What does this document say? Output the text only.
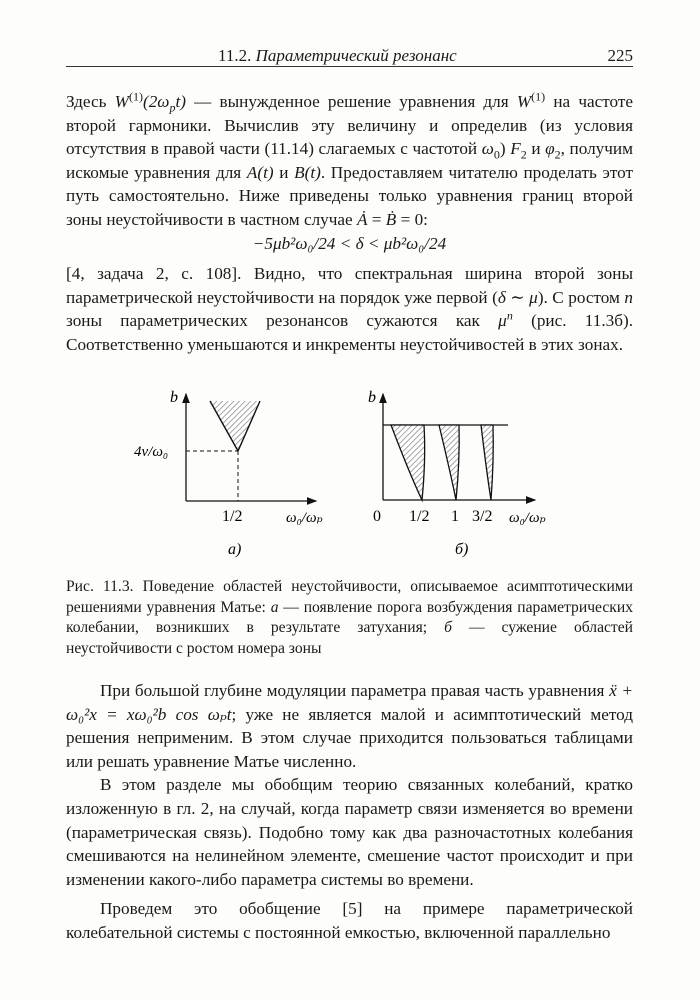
11.2. Параметрический резонанс	225

Здесь $W^{(1)}(2\omega_pt)$ — вынужденное решение уравнения для $W^{(1)}$ на частоте второй гармоники. Вычислив эту величину и определив (из условия отсутствия в правой части (11.14) слагаемых с частотой $\omega_0$) $F_2$ и $\varphi_2$, получим искомые уравнения для A(t) и B(t). Предоставляем читателю проделать этот путь самостоятельно. Ниже приведены только уравнения границ второй зоны неустойчивости в частном случае Ȧ = Ḃ = 0:

−5μb²ω₀/24 < δ < μb²ω₀/24

[4, задача 2, с. 108]. Видно, что спектральная ширина второй зоны параметрической неустойчивости на порядок уже первой (δ ∼ μ). С ростом n зоны параметрических резонансов сужаются как $\mu^n$ (рис. 11.3б). Соответственно уменьшаются и инкременты неустойчивостей в этих зонах.

b
4ν/ω₀
1/2	ω₀/ωₚ
а)
b
0 1/2 1 3/2 ω₀/ωₚ
б)
Рис. 11.3. Поведение областей неустойчивости, описываемое асимптотическими решениями уравнения Матье: а — появление порога возбуждения параметрических колебании, возникших в результате затухания; б — сужение областей неустойчивости с ростом номера зоны

При большой глубине модуляции параметра правая часть уравнения ẍ + ω₀²x = xω₀²b cos ωₚt; уже не является малой и асимптотический метод решения неприменим. В этом случае приходится пользоваться таблицами или решать уравнение Матье численно.

В этом разделе мы обобщим теорию связанных колебаний, кратко изложенную в гл. 2, на случай, когда параметр связи изменяется во времени (параметрическая связь). Подобно тому как два разночастотных колебания смешиваются на нелинейном элементе, смешение частот происходит и при изменении какого-либо параметра системы во времени.

Проведем это обобщение [5] на примере параметрической колебательной системы с постоянной емкостью, включенной параллельно
